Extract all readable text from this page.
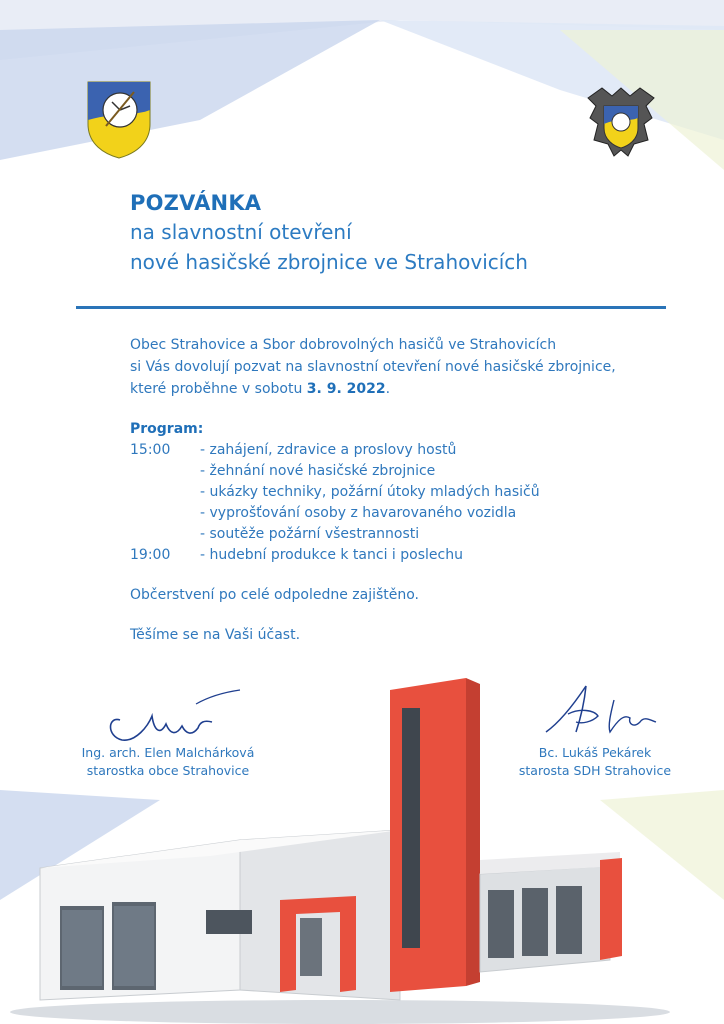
POZVÁNKA

na slavnostní otevření

nové hasičské zbrojnice ve Strahovicích

Obec Strahovice a Sbor dobrovolných hasičů ve Strahovicích

si Vás dovolují pozvat na slavnostní otevření nové hasičské zbrojnice,

které proběhne v sobotu 3. 9. 2022.

Program:
15:00	- zahájení, zdravice a proslovy hostů
- žehnání nové hasičské zbrojnice
- ukázky techniky, požární útoky mladých hasičů
- vyprošťování osoby z havarovaného vozidla
- soutěže požární všestrannosti
19:00	- hudební produkce k tanci i poslechu
Občerstvení po celé odpoledne zajištěno.
Těšíme se na Vaši účast.
Ing. arch. Elen Malchárková
starostka obce Strahovice
Bc. Lukáš Pekárek
starosta SDH Strahovice
